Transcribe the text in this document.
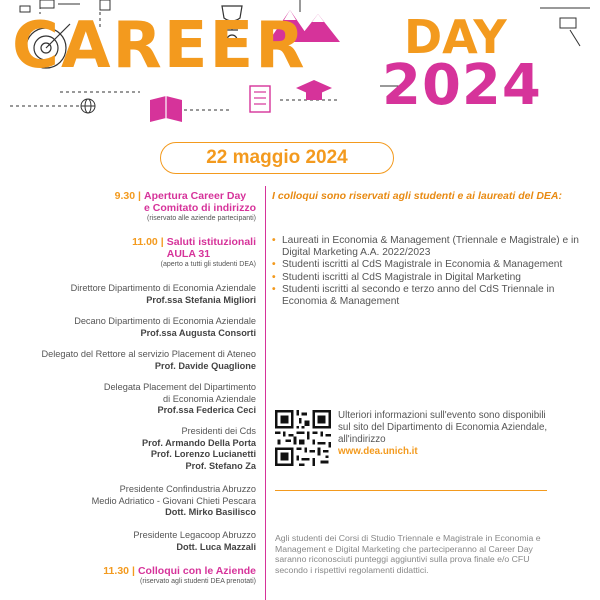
CAREER DAY
2024
22 maggio 2024
9.30 | Apertura Career Day
e Comitato di indirizzo
(riservato alle aziende partecipanti)
11.00 | Saluti istituzionali
AULA 31
(aperto a tutti gli studenti DEA)
Direttore Dipartimento di Economia Aziendale
Prof.ssa Stefania Migliori
Decano Dipartimento di Economia Aziendale
Prof.ssa Augusta Consorti
Delegato del Rettore al servizio Placement di Ateneo
Prof. Davide Quaglione
Delegata Placement del Dipartimento
di Economia Aziendale
Prof.ssa Federica Ceci
Presidenti dei Cds
Prof. Armando Della Porta
Prof. Lorenzo Lucianetti
Prof. Stefano Za
Presidente Confindustria Abruzzo
Medio Adriatico - Giovani Chieti Pescara
Dott. Mirko Basilisco
Presidente Legacoop Abruzzo
Dott. Luca Mazzali
11.30 | Colloqui con le Aziende
(riservato agli studenti DEA prenotati)
I colloqui sono riservati agli studenti e ai laureati del DEA:
• Laureati in Economia & Management (Triennale e Magistrale) e in Digital Marketing A.A. 2022/2023
• Studenti iscritti al CdS Magistrale in Economia & Management
• Studenti iscritti al CdS Magistrale in Digital Marketing
• Studenti iscritti al secondo e terzo anno del CdS Triennale in Economia & Management
Ulteriori informazioni sull'evento sono disponibili sul sito del Dipartimento di Economia Aziendale, all'indirizzo
www.dea.unich.it
Agli studenti dei Corsi di Studio Triennale e Magistrale in Economia e Management e Digital Marketing che parteciperanno al Career Day saranno riconosciuti punteggi aggiuntivi sulla prova finale e/o CFU secondo i rispettivi regolamenti didattici.
